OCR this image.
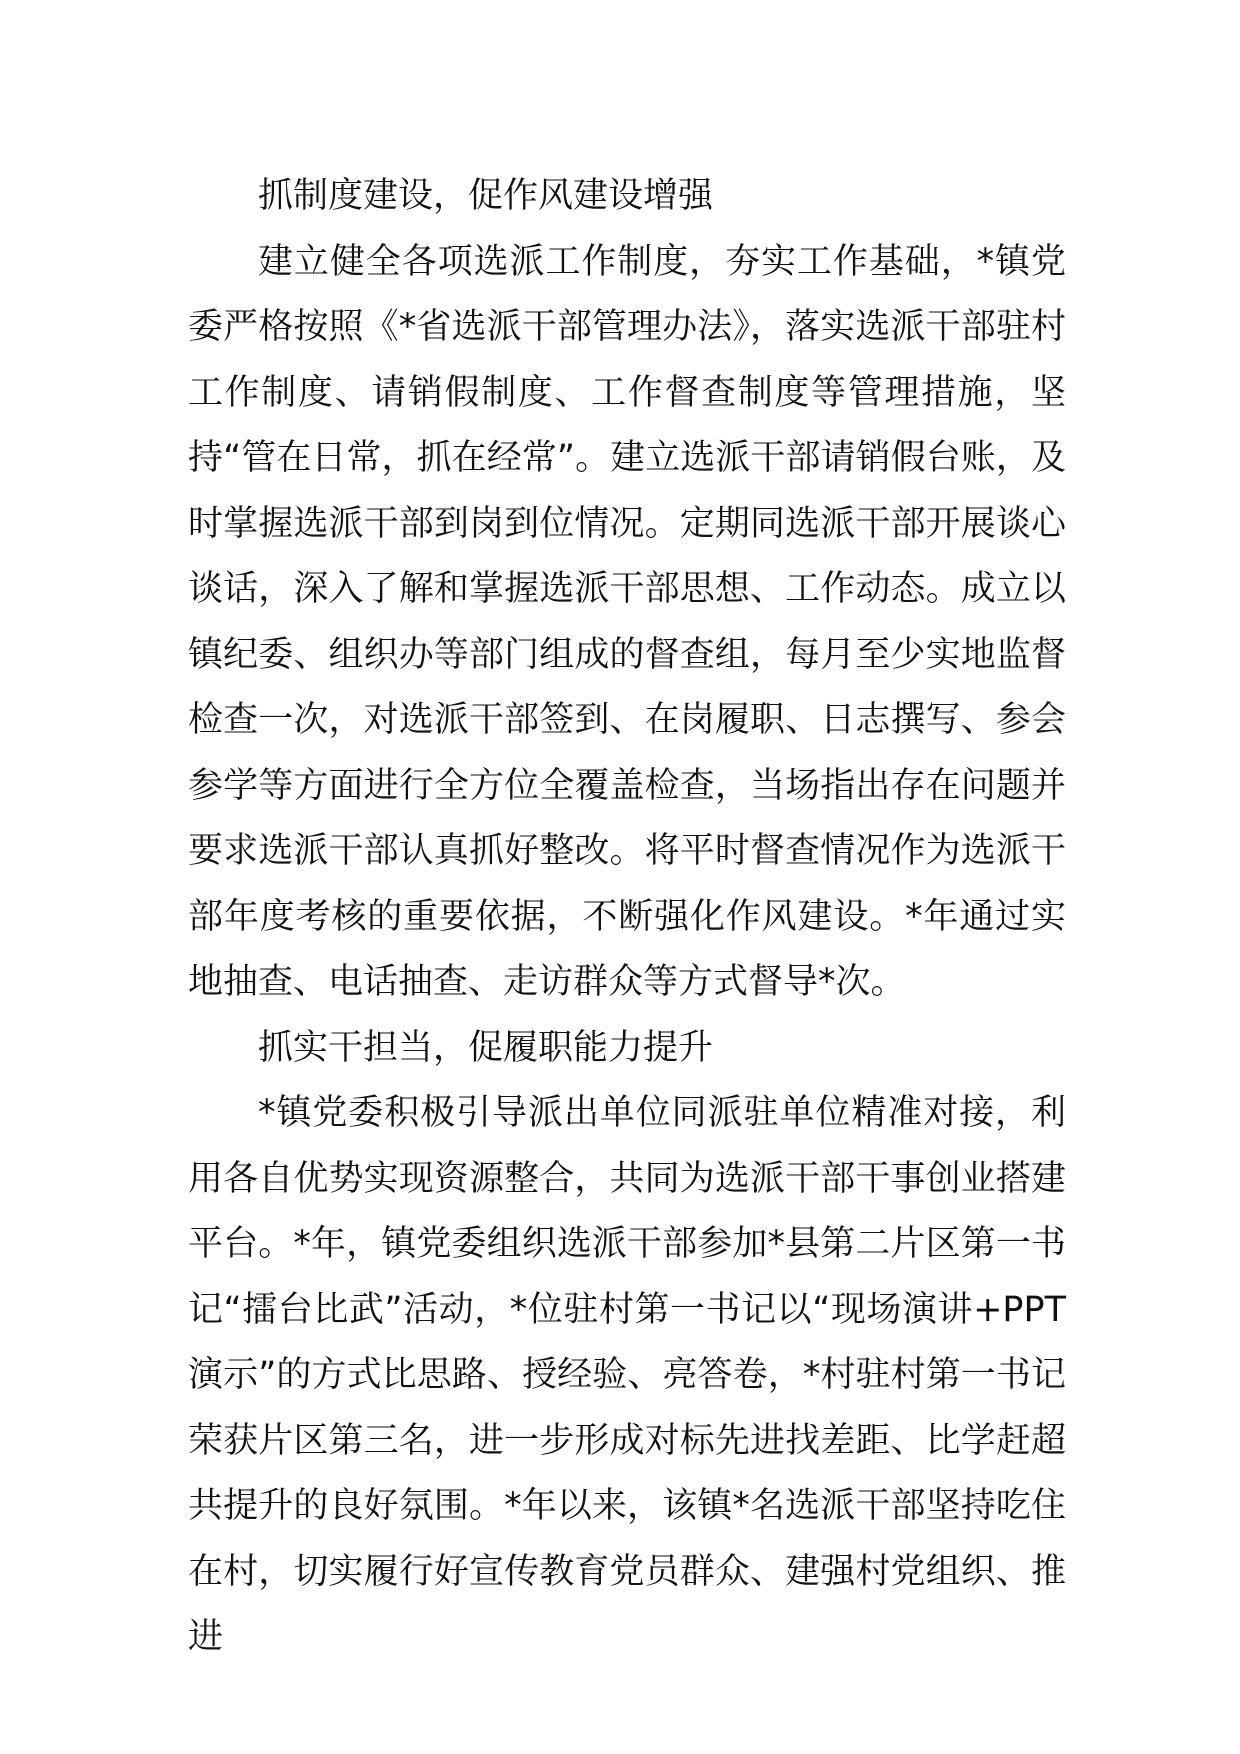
抓制度建设，促作风建设增强

建立健全各项选派工作制度，夯实工作基础，*镇党委严格按照《*省选派干部管理办法》，落实选派干部驻村工作制度、请销假制度、工作督查制度等管理措施，坚持“管在日常，抓在经常”。建立选派干部请销假台账，及时掌握选派干部到岗到位情况。定期同选派干部开展谈心谈话，深入了解和掌握选派干部思想、工作动态。成立以镇纪委、组织办等部门组成的督查组，每月至少实地监督检查一次，对选派干部签到、在岗履职、日志撰写、参会参学等方面进行全方位全覆盖检查，当场指出存在问题并要求选派干部认真抓好整改。将平时督查情况作为选派干部年度考核的重要依据，不断强化作风建设。*年通过实地抽查、电话抽查、走访群众等方式督导*次。

抓实干担当，促履职能力提升

*镇党委积极引导派出单位同派驻单位精准对接，利用各自优势实现资源整合，共同为选派干部干事创业搭建平台。*年，镇党委组织选派干部参加*县第二片区第一书记“擂台比武”活动，*位驻村第一书记以“现场演讲+PPT 演示”的方式比思路、授经验、亮答卷，*村驻村第一书记荣获片区第三名，进一步形成对标先进找差距、比学赶超共提升的良好氛围。*年以来，该镇*名选派干部坚持吃住在村，切实履行好宣传教育党员群众、建强村党组织、推进
